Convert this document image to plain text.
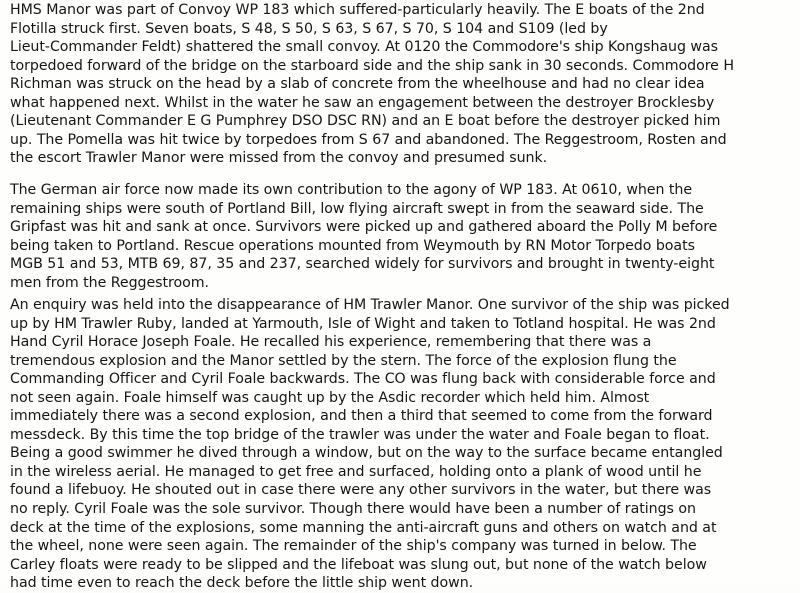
HMS Manor was part of Convoy WP 183 which suffered-particularly heavily. The E boats of the 2nd
Flotilla struck first. Seven boats, S 48, S 50, S 63, S 67, S 70, S 104 and S109 (led by
Lieut-Commander Feldt) shattered the small convoy. At 0120 the Commodore's ship Kongshaug was
torpedoed forward of the bridge on the starboard side and the ship sank in 30 seconds. Commodore H
Richman was struck on the head by a slab of concrete from the wheelhouse and had no clear idea
what happened next. Whilst in the water he saw an engagement between the destroyer Brocklesby
(Lieutenant Commander E G Pumphrey DSO DSC RN) and an E boat before the destroyer picked him
up. The Pomella was hit twice by torpedoes from S 67 and abandoned. The Reggestroom, Rosten and
the escort Trawler Manor were missed from the convoy and presumed sunk.

The German air force now made its own contribution to the agony of WP 183. At 0610, when the
remaining ships were south of Portland Bill, low flying aircraft swept in from the seaward side. The
Gripfast was hit and sank at once. Survivors were picked up and gathered aboard the Polly M before
being taken to Portland. Rescue operations mounted from Weymouth by RN Motor Torpedo boats
MGB 51 and 53, MTB 69, 87, 35 and 237, searched widely for survivors and brought in twenty-eight
men from the Reggestroom.

An enquiry was held into the disappearance of HM Trawler Manor. One survivor of the ship was picked
up by HM Trawler Ruby, landed at Yarmouth, Isle of Wight and taken to Totland hospital. He was 2nd
Hand Cyril Horace Joseph Foale. He recalled his experience, remembering that there was a
tremendous explosion and the Manor settled by the stern. The force of the explosion flung the
Commanding Officer and Cyril Foale backwards. The CO was flung back with considerable force and
not seen again. Foale himself was caught up by the Asdic recorder which held him. Almost
immediately there was a second explosion, and then a third that seemed to come from the forward
messdeck. By this time the top bridge of the trawler was under the water and Foale began to float.
Being a good swimmer he dived through a window, but on the way to the surface became entangled
in the wireless aerial. He managed to get free and surfaced, holding onto a plank of wood until he
found a lifebuoy. He shouted out in case there were any other survivors in the water, but there was
no reply. Cyril Foale was the sole survivor. Though there would have been a number of ratings on
deck at the time of the explosions, some manning the anti-aircraft guns and others on watch and at
the wheel, none were seen again. The remainder of the ship's company was turned in below. The
Carley floats were ready to be slipped and the lifeboat was slung out, but none of the watch below
had time even to reach the deck before the little ship went down.
